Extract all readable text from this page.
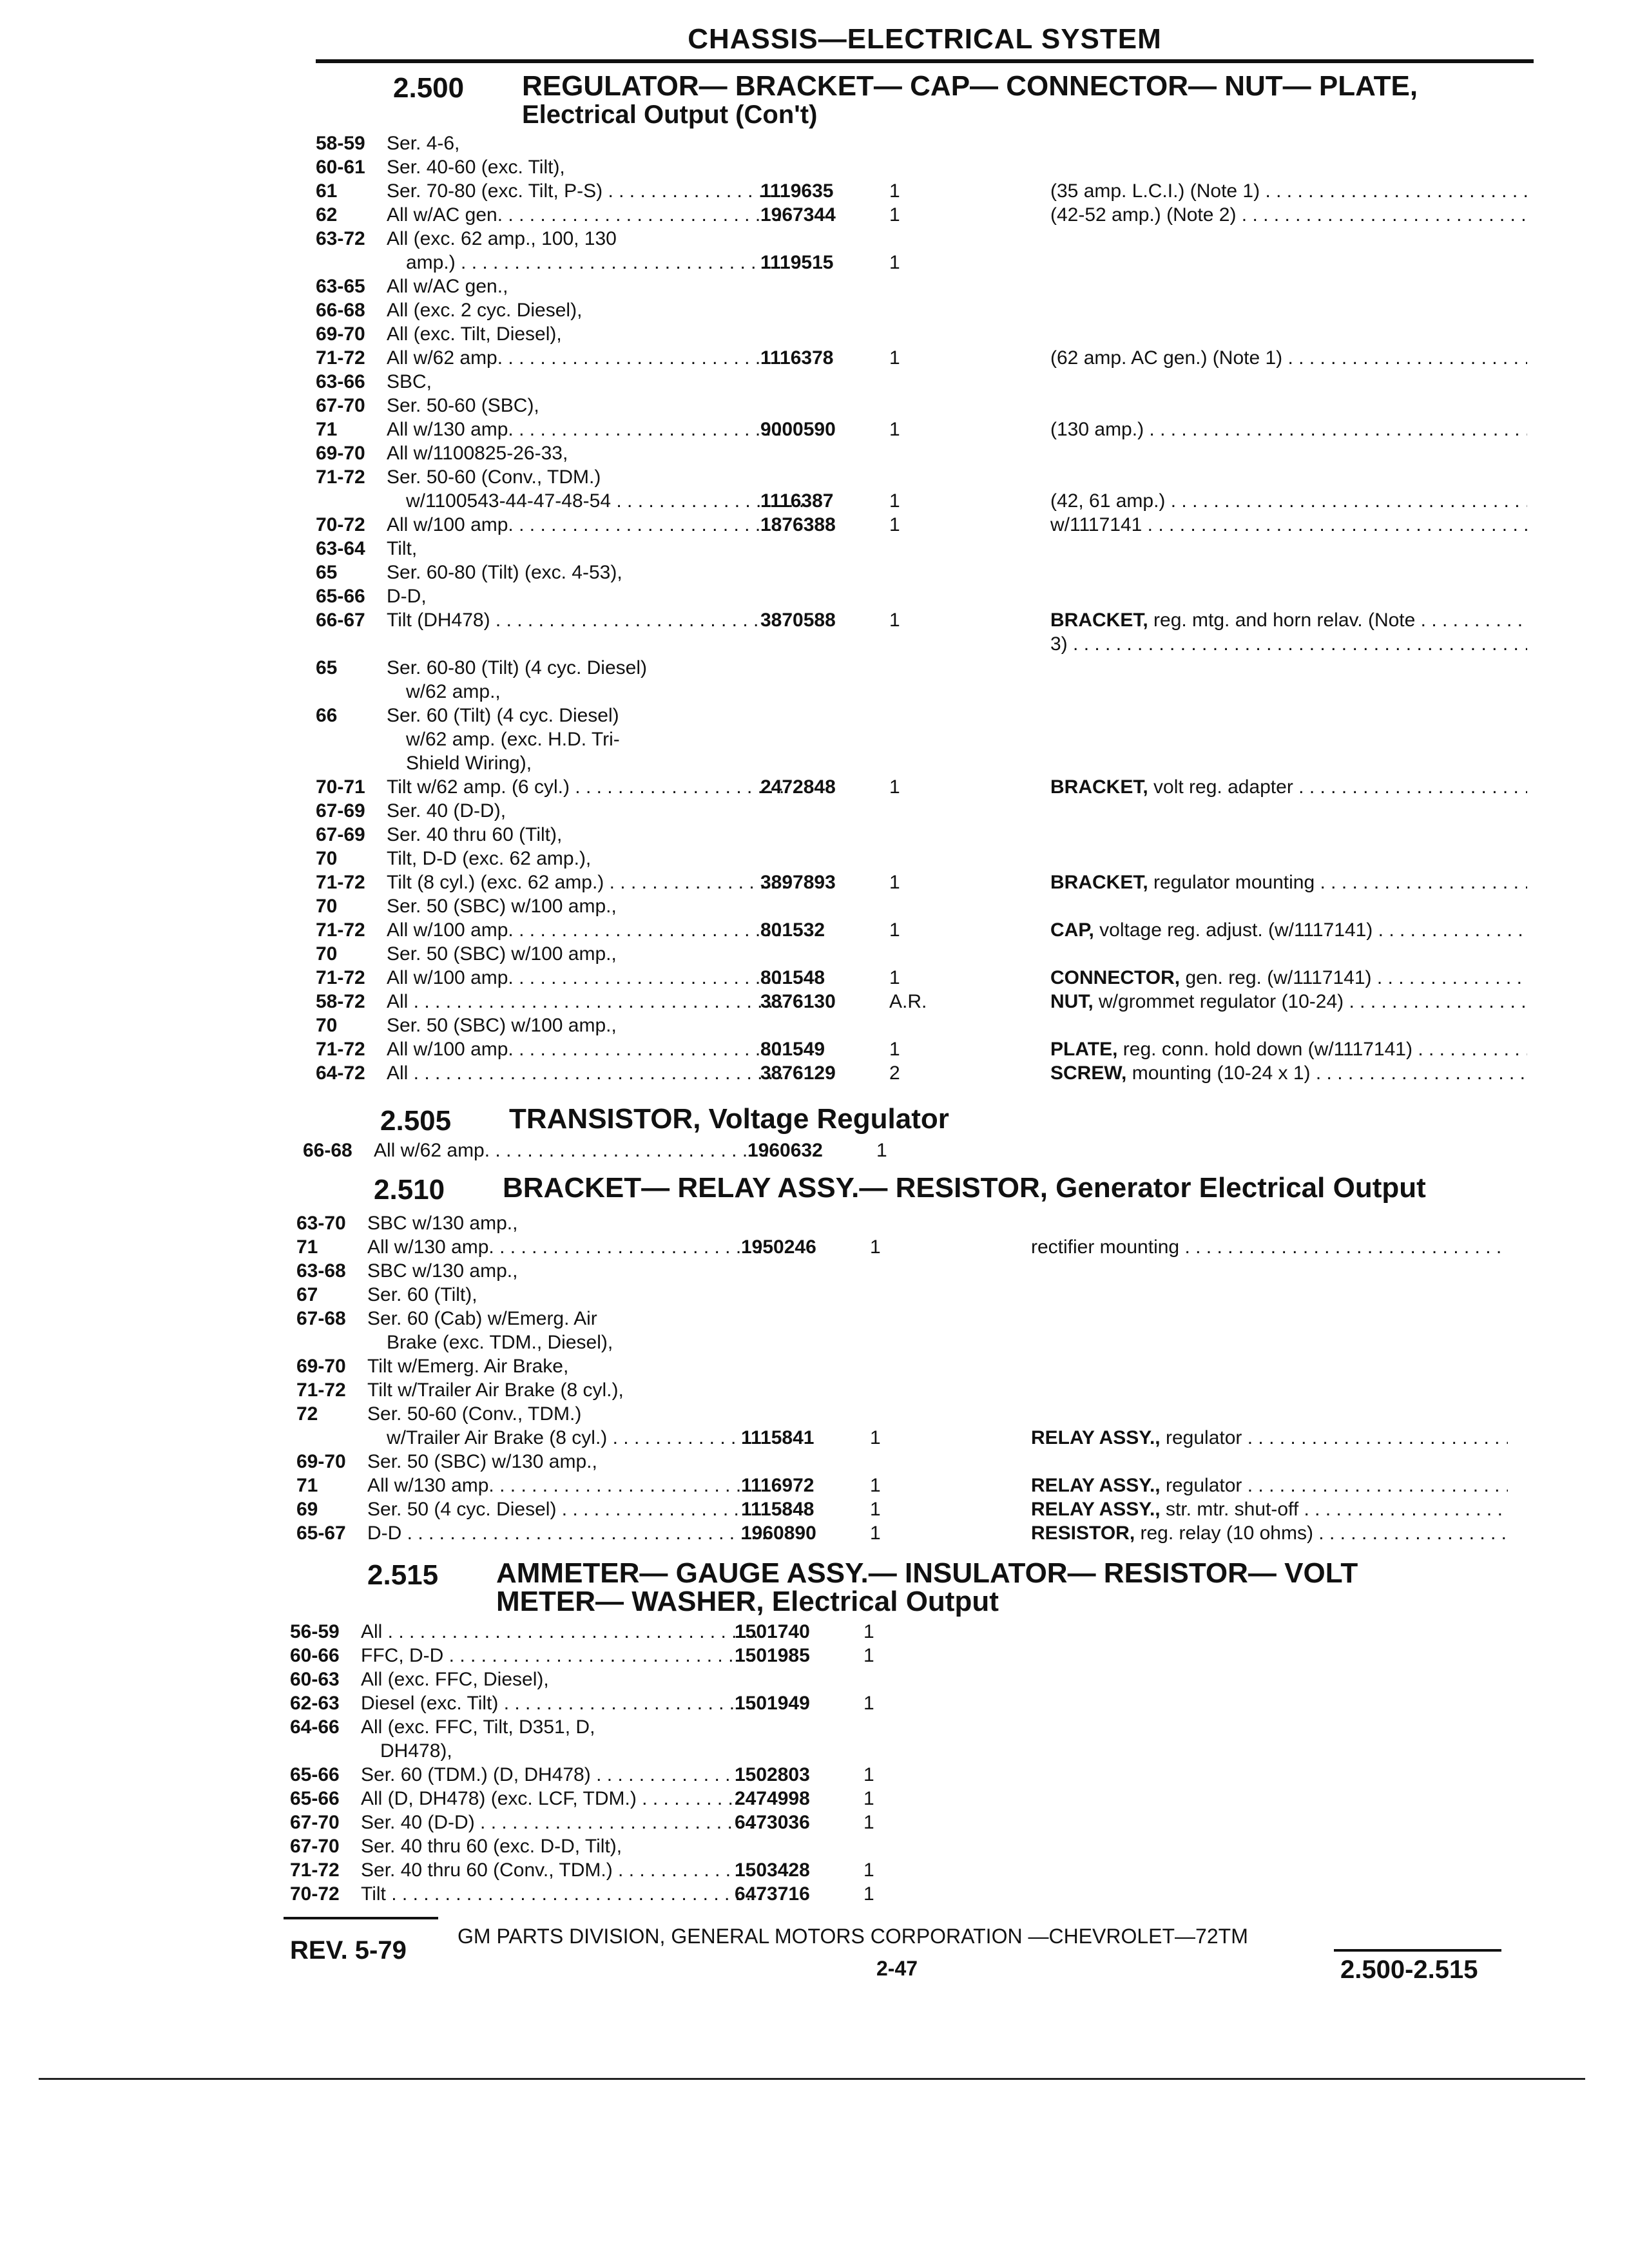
CHASSIS—ELECTRICAL SYSTEM
2.500 REGULATOR— BRACKET— CAP— CONNECTOR— NUT— PLATE,
Electrical Output (Con't)
58-59	Ser. 4-6,
60-61	Ser. 40-60 (exc. Tilt),
61	Ser. 70-80 (exc. Tilt, P-S) . . .	1119635	1	(35 amp. L.C.I.) (Note 1) . . .
62	All w/AC gen. . . .	1967344	1	(42-52 amp.) (Note 2) . . .
63-72	All (exc. 62 amp., 100, 130
amp.) . . .	1119515	1
63-65	All w/AC gen.,
66-68	All (exc. 2 cyc. Diesel),
69-70	All (exc. Tilt, Diesel),
71-72	All w/62 amp. . . .	1116378	1	(62 amp. AC gen.) (Note 1) . . .
63-66	SBC,
67-70	Ser. 50-60 (SBC),
71	All w/130 amp. . . .	9000590	1	(130 amp.) . . .
69-70	All w/1100825-26-33,
71-72	Ser. 50-60 (Conv., TDM.)
w/1100543-44-47-48-54 . . .	1116387	1	(42, 61 amp.) . . .
70-72	All w/100 amp. . . .	1876388	1	w/1117141 . . .
63-64	Tilt,
65	Ser. 60-80 (Tilt) (exc. 4-53),
65-66	D-D,
66-67	Tilt (DH478) . . .	3870588	1	BRACKET, reg. mtg. and horn relav. (Note . . .
3) . . .
65	Ser. 60-80 (Tilt) (4 cyc. Diesel)
w/62 amp.,
66	Ser. 60 (Tilt) (4 cyc. Diesel)
w/62 amp. (exc. H.D. Tri-
Shield Wiring),
70-71	Tilt w/62 amp. (6 cyl.) . . .	2472848	1	BRACKET, volt reg. adapter . . .
67-69	Ser. 40 (D-D),
67-69	Ser. 40 thru 60 (Tilt),
70	Tilt, D-D (exc. 62 amp.),
71-72	Tilt (8 cyl.) (exc. 62 amp.) . . .	3897893	1	BRACKET, regulator mounting . . .
70	Ser. 50 (SBC) w/100 amp.,
71-72	All w/100 amp. . . .	801532	1	CAP, voltage reg. adjust. (w/1117141) . . .
70	Ser. 50 (SBC) w/100 amp.,
71-72	All w/100 amp. . . .	801548	1	CONNECTOR, gen. reg. (w/1117141) . . .
58-72	All . . .	3876130	A.R.	NUT, w/grommet regulator (10-24) . . .
70	Ser. 50 (SBC) w/100 amp.,
71-72	All w/100 amp. . . .	801549	1	PLATE, reg. conn. hold down (w/1117141) . . .
64-72	All . . .	3876129	2	SCREW, mounting (10-24 x 1) . . .
2.505 TRANSISTOR, Voltage Regulator
66-68	All w/62 amp. . . .	1960632	1
2.510 BRACKET— RELAY ASSY.— RESISTOR, Generator Electrical Output
63-70	SBC w/130 amp.,
71	All w/130 amp. . . .	1950246	1	rectifier mounting . . .
63-68	SBC w/130 amp.,
67	Ser. 60 (Tilt),
67-68	Ser. 60 (Cab) w/Emerg. Air
Brake (exc. TDM., Diesel),
69-70	Tilt w/Emerg. Air Brake,
71-72	Tilt w/Trailer Air Brake (8 cyl.),
72	Ser. 50-60 (Conv., TDM.)
w/Trailer Air Brake (8 cyl.) . . .	1115841	1	RELAY ASSY., regulator . . .
69-70	Ser. 50 (SBC) w/130 amp.,
71	All w/130 amp. . . .	1116972	1	RELAY ASSY., regulator . . .
69	Ser. 50 (4 cyc. Diesel) . . .	1115848	1	RELAY ASSY., str. mtr. shut-off . . .
65-67	D-D . . .	1960890	1	RESISTOR, reg. relay (10 ohms) . . .
2.515 AMMETER— GAUGE ASSY.— INSULATOR— RESISTOR— VOLT
METER— WASHER, Electrical Output
56-59	All . . .	1501740	1
60-66	FFC, D-D . . .	1501985	1
60-63	All (exc. FFC, Diesel),
62-63	Diesel (exc. Tilt) . . .	1501949	1
64-66	All (exc. FFC, Tilt, D351, D,
DH478),
65-66	Ser. 60 (TDM.) (D, DH478) . . .	1502803	1
65-66	All (D, DH478) (exc. LCF, TDM.) . . .	2474998	1
67-70	Ser. 40 (D-D) . . .	6473036	1
67-70	Ser. 40 thru 60 (exc. D-D, Tilt),
71-72	Ser. 40 thru 60 (Conv., TDM.) . . .	1503428	1
70-72	Tilt . . .	6473716	1
GM PARTS DIVISION, GENERAL MOTORS CORPORATION —CHEVROLET—72TM
REV. 5-79
2-47	2.500-2.515
